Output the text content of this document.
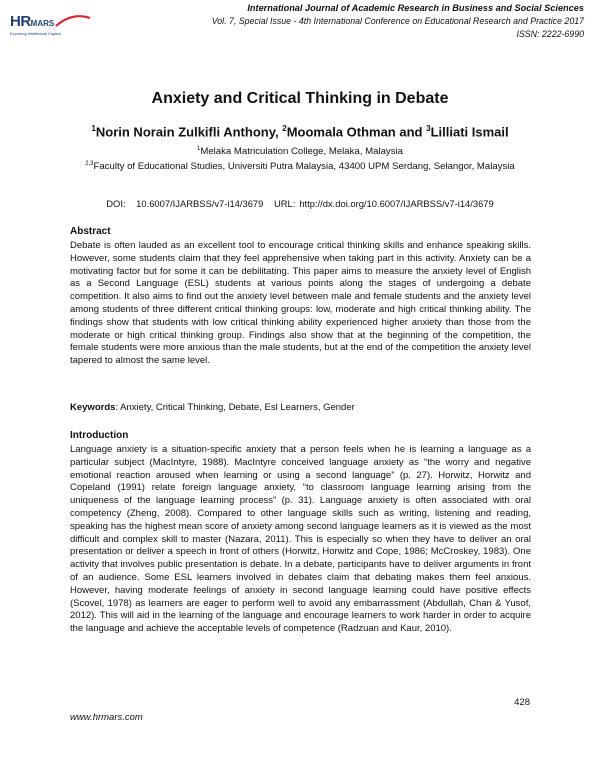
HRMARS
Exploring Intellectual Capital
International Journal of Academic Research in Business and Social Sciences
Vol. 7, Special Issue - 4th International Conference on Educational Research and Practice 2017
ISSN: 2222-6990
Anxiety and Critical Thinking in Debate
$^1$Norin Norain Zulkifli Anthony, $^2$Moomala Othman and $^3$Lilliati Ismail
$^1$Melaka Matriculation College, Melaka, Malaysia
$^{2,3}$Faculty of Educational Studies, Universiti Putra Malaysia, 43400 UPM Serdang, Selangor, Malaysia
DOI: 10.6007/IJARBSS/v7-i14/3679 URL: http://dx.doi.org/10.6007/IJARBSS/v7-i14/3679
Abstract
Debate is often lauded as an excellent tool to encourage critical thinking skills and enhance speaking skills. However, some students claim that they feel apprehensive when taking part in this activity. Anxiety can be a motivating factor but for some it can be debilitating. This paper aims to measure the anxiety level of English as a Second Language (ESL) students at various points along the stages of undergoing a debate competition. It also aims to find out the anxiety level between male and female students and the anxiety level among students of three different critical thinking groups: low, moderate and high critical thinking ability. The findings show that students with low critical thinking ability experienced higher anxiety than those from the moderate or high critical thinking group. Findings also show that at the beginning of the competition, the female students were more anxious than the male students, but at the end of the competition the anxiety level tapered to almost the same level.
Keywords: Anxiety, Critical Thinking, Debate, Esl Learners, Gender
Introduction
Language anxiety is a situation-specific anxiety that a person feels when he is learning a language as a particular subject (MacIntyre, 1988). MacIntyre conceived language anxiety as “the worry and negative emotional reaction aroused when learning or using a second language” (p. 27). Horwitz, Horwitz and Copeland (1991) relate foreign language anxiety, “to classroom language learning arising from the uniqueness of the language learning process” (p. 31). Language anxiety is often associated with oral competency (Zheng, 2008). Compared to other language skills such as writing, listening and reading, speaking has the highest mean score of anxiety among second language learners as it is viewed as the most difficult and complex skill to master (Nazara, 2011). This is especially so when they have to deliver an oral presentation or deliver a speech in front of others (Horwitz, Horwitz and Cope, 1986; McCroskey, 1983). One activity that involves public presentation is debate. In a debate, participants have to deliver arguments in front of an audience. Some ESL learners involved in debates claim that debating makes them feel anxious. However, having moderate feelings of anxiety in second language learning could have positive effects (Scovel, 1978) as learners are eager to perform well to avoid any embarrassment (Abdullah, Chan & Yusof, 2012). This will aid in the learning of the language and encourage learners to work harder in order to acquire the language and achieve the acceptable levels of competence (Radzuan and Kaur, 2010).
428
www.hrmars.com
